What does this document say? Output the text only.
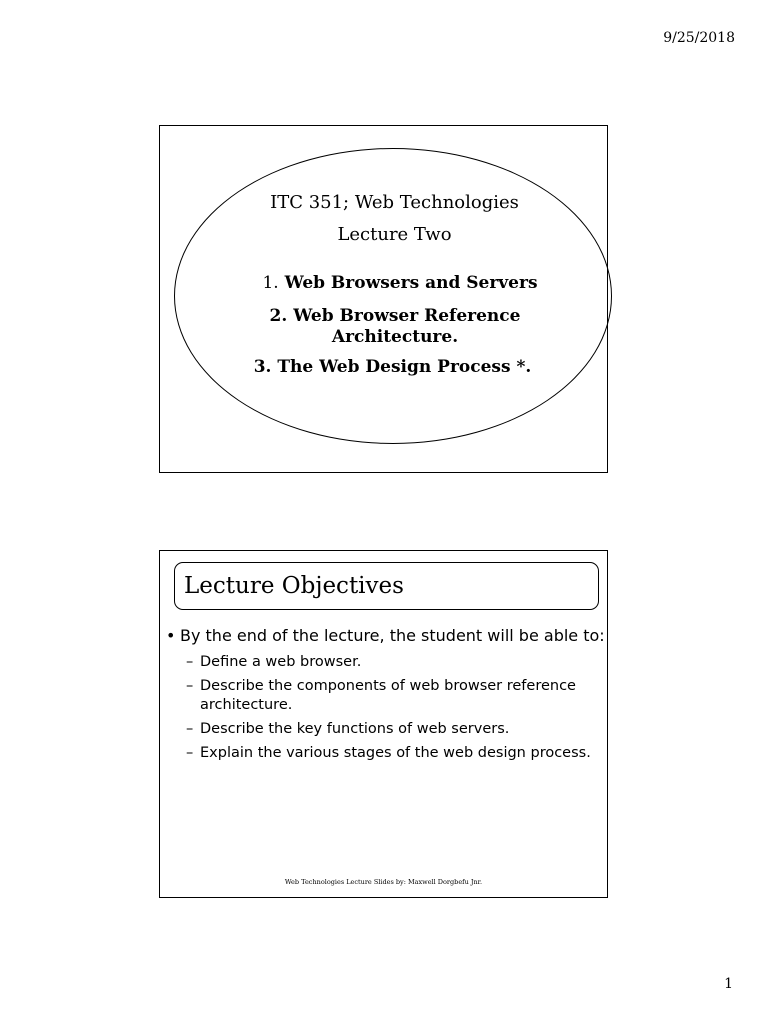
9/25/2018
ITC 351; Web Technologies
Lecture Two
1. Web Browsers and Servers
2. Web Browser Reference
Architecture.
3. The Web Design Process *.
Lecture Objectives

• By the end of the lecture, the student will be able to:

– Define a web browser.
– Describe the components of web browser reference architecture.
– Describe the key functions of web servers.
– Explain the various stages of the web design process.
Web Technologies Lecture Slides by: Maxwell Dorgbefu Jnr.
1
